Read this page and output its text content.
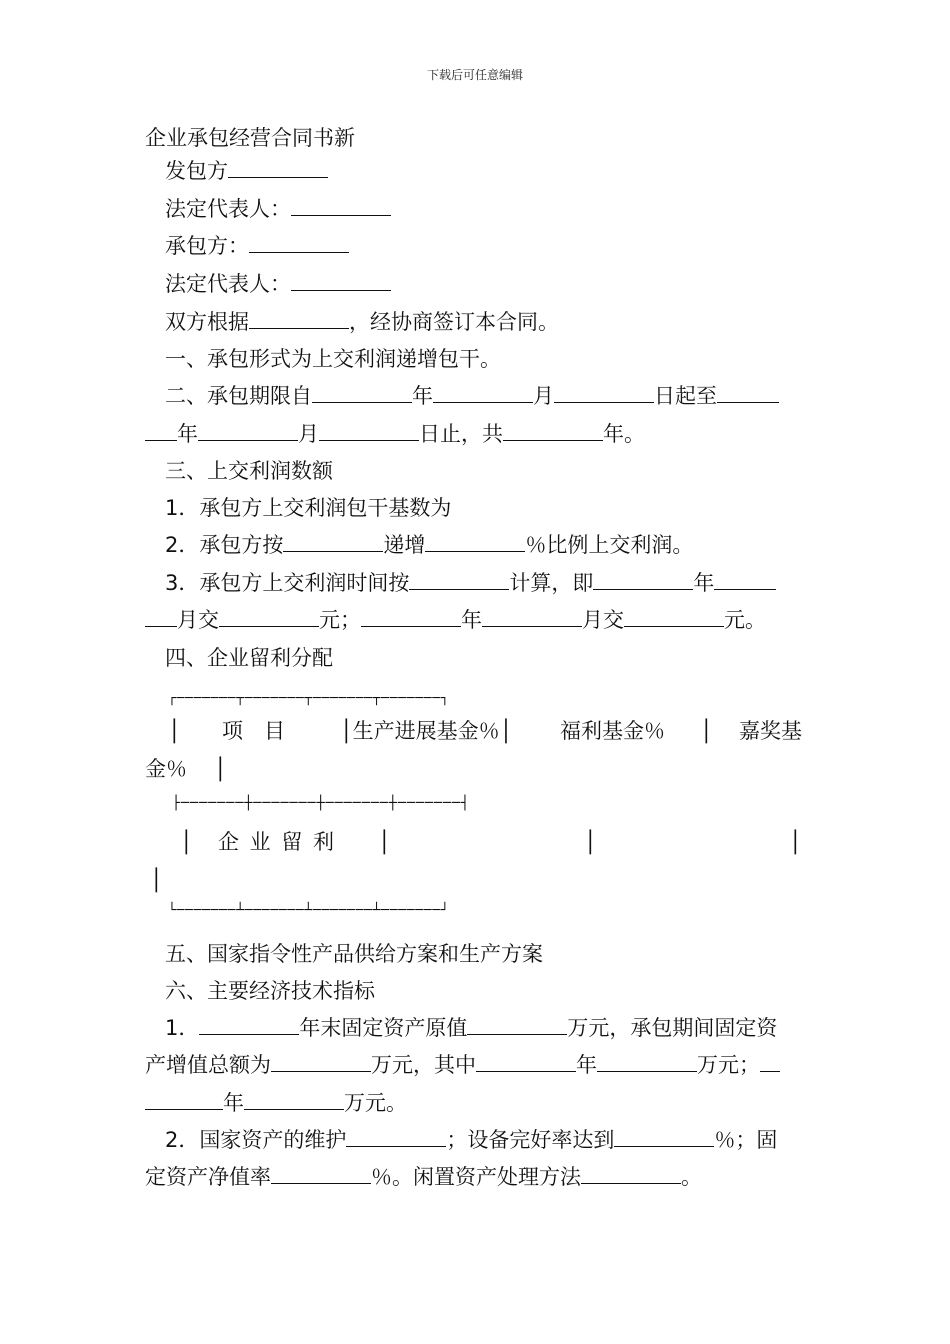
下载后可任意编辑
企业承包经营合同书新
发包方
法定代表人：
承包方：
法定代表人：
双方根据	，经协商签订本合同。
一、承包形式为上交利润递增包干。
二、承包期限自	年	月	日起至
年	月	日止，共	年。
三、上交利润数额
1．承包方上交利润包干基数为
2．承包方按	递增	％比例上交利润。
3．承包方上交利润时间按	计算，即	年
月交	元；	年	月交	元。
四、企业留利分配
┌───────┬───────┬───────┬───────┐
│ 项　目	│生产进展基金％│ 福利基金％ │ 嘉奖基
金％ │
├───────┼───────┼───────┼───────┤
│ 企 业 留 利 │	│	│
│
└───────┴───────┴───────┴───────┘
五、国家指令性产品供给方案和生产方案
六、主要经济技术指标
1．	年末固定资产原值	万元，承包期间固定资
产增值总额为	万元，其中	年	万元；
年	万元。
2．国家资产的维护	；设备完好率达到	％；固
定资产净值率	％。闲置资产处理方法	。
